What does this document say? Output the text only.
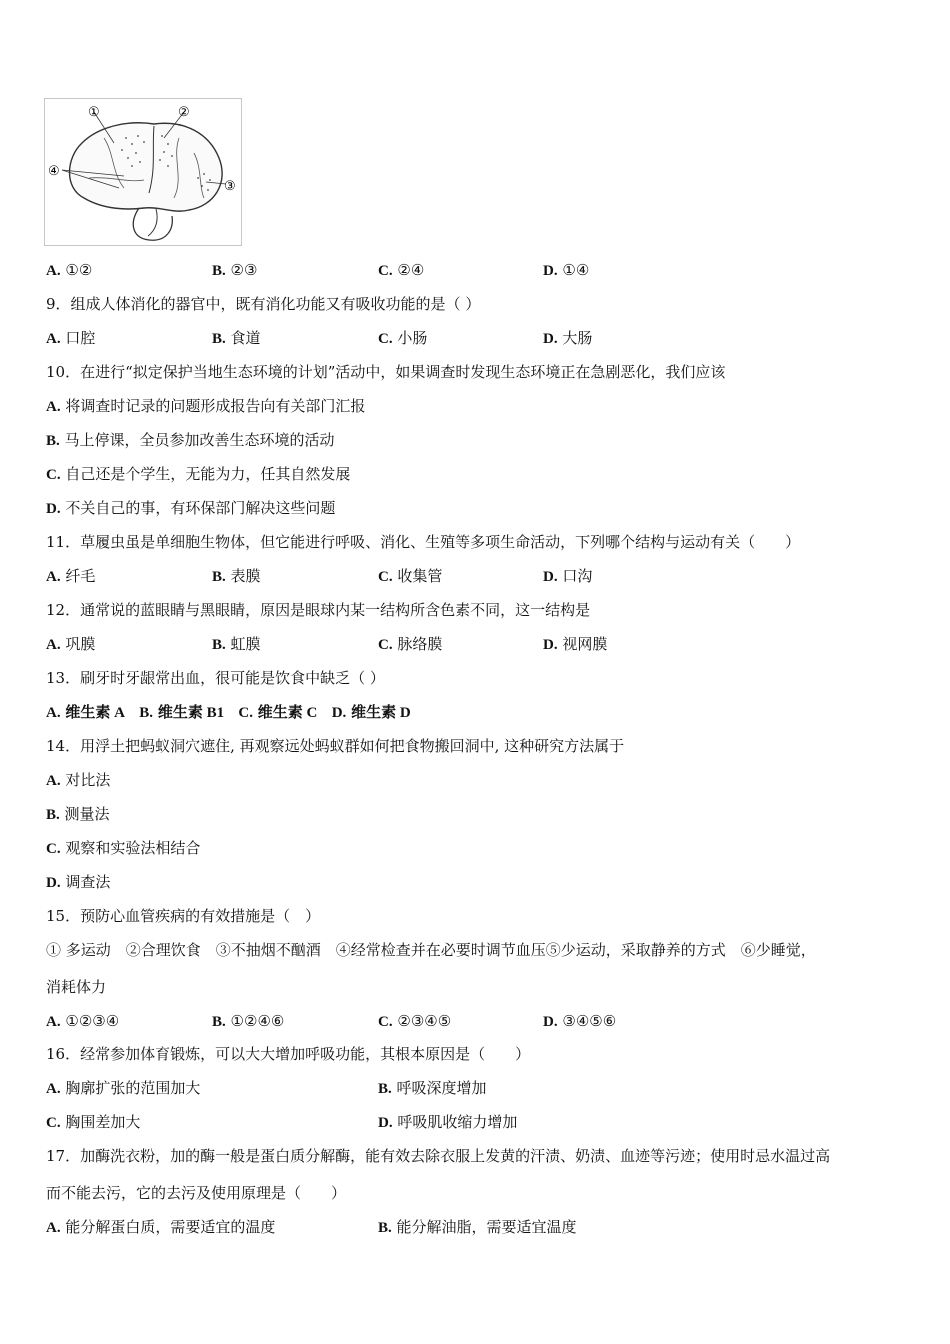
①	②
③
④
A. ①②	B. ②③	C. ②④	D. ①④
9．组成人体消化的器官中，既有消化功能又有吸收功能的是（ ）
A. 口腔	B. 食道	C. 小肠	D. 大肠
10．在进行“拟定保护当地生态环境的计划”活动中，如果调查时发现生态环境正在急剧恶化，我们应该
A. 将调查时记录的问题形成报告向有关部门汇报
B. 马上停课，全员参加改善生态环境的活动
C. 自己还是个学生，无能为力，任其自然发展
D. 不关自己的事，有环保部门解决这些问题
11．草履虫虽是单细胞生物体，但它能进行呼吸、消化、生殖等多项生命活动，下列哪个结构与运动有关（　　）
A. 纤毛	B. 表膜	C. 收集管	D. 口沟
12．通常说的蓝眼睛与黑眼睛，原因是眼球内某一结构所含色素不同，这一结构是
A. 巩膜	B. 虹膜	C. 脉络膜	D. 视网膜
13．刷牙时牙龈常出血，很可能是饮食中缺乏（ ）
A. 维生素 A B. 维生素 B1 C. 维生素 C D. 维生素 D
14．用浮土把蚂蚁洞穴遮住, 再观察远处蚂蚁群如何把食物搬回洞中, 这种研究方法属于
A. 对比法
B. 测量法
C. 观察和实验法相结合
D. 调查法
15．预防心血管疾病的有效措施是（　）
① 多运动　②合理饮食　③不抽烟不酗酒　④经常检查并在必要时调节血压⑤少运动，采取静养的方式　⑥少睡觉，
消耗体力
A. ①②③④	B. ①②④⑥	C. ②③④⑤	D. ③④⑤⑥
16．经常参加体育锻炼，可以大大增加呼吸功能，其根本原因是（　　）
A. 胸廓扩张的范围加大	B. 呼吸深度增加
C. 胸围差加大	D. 呼吸肌收缩力增加
17．加酶洗衣粉，加的酶一般是蛋白质分解酶，能有效去除衣服上发黄的汗渍、奶渍、血迹等污迹；使用时忌水温过高
而不能去污，它的去污及使用原理是（　　）
A. 能分解蛋白质，需要适宜的温度	B. 能分解油脂，需要适宜温度
